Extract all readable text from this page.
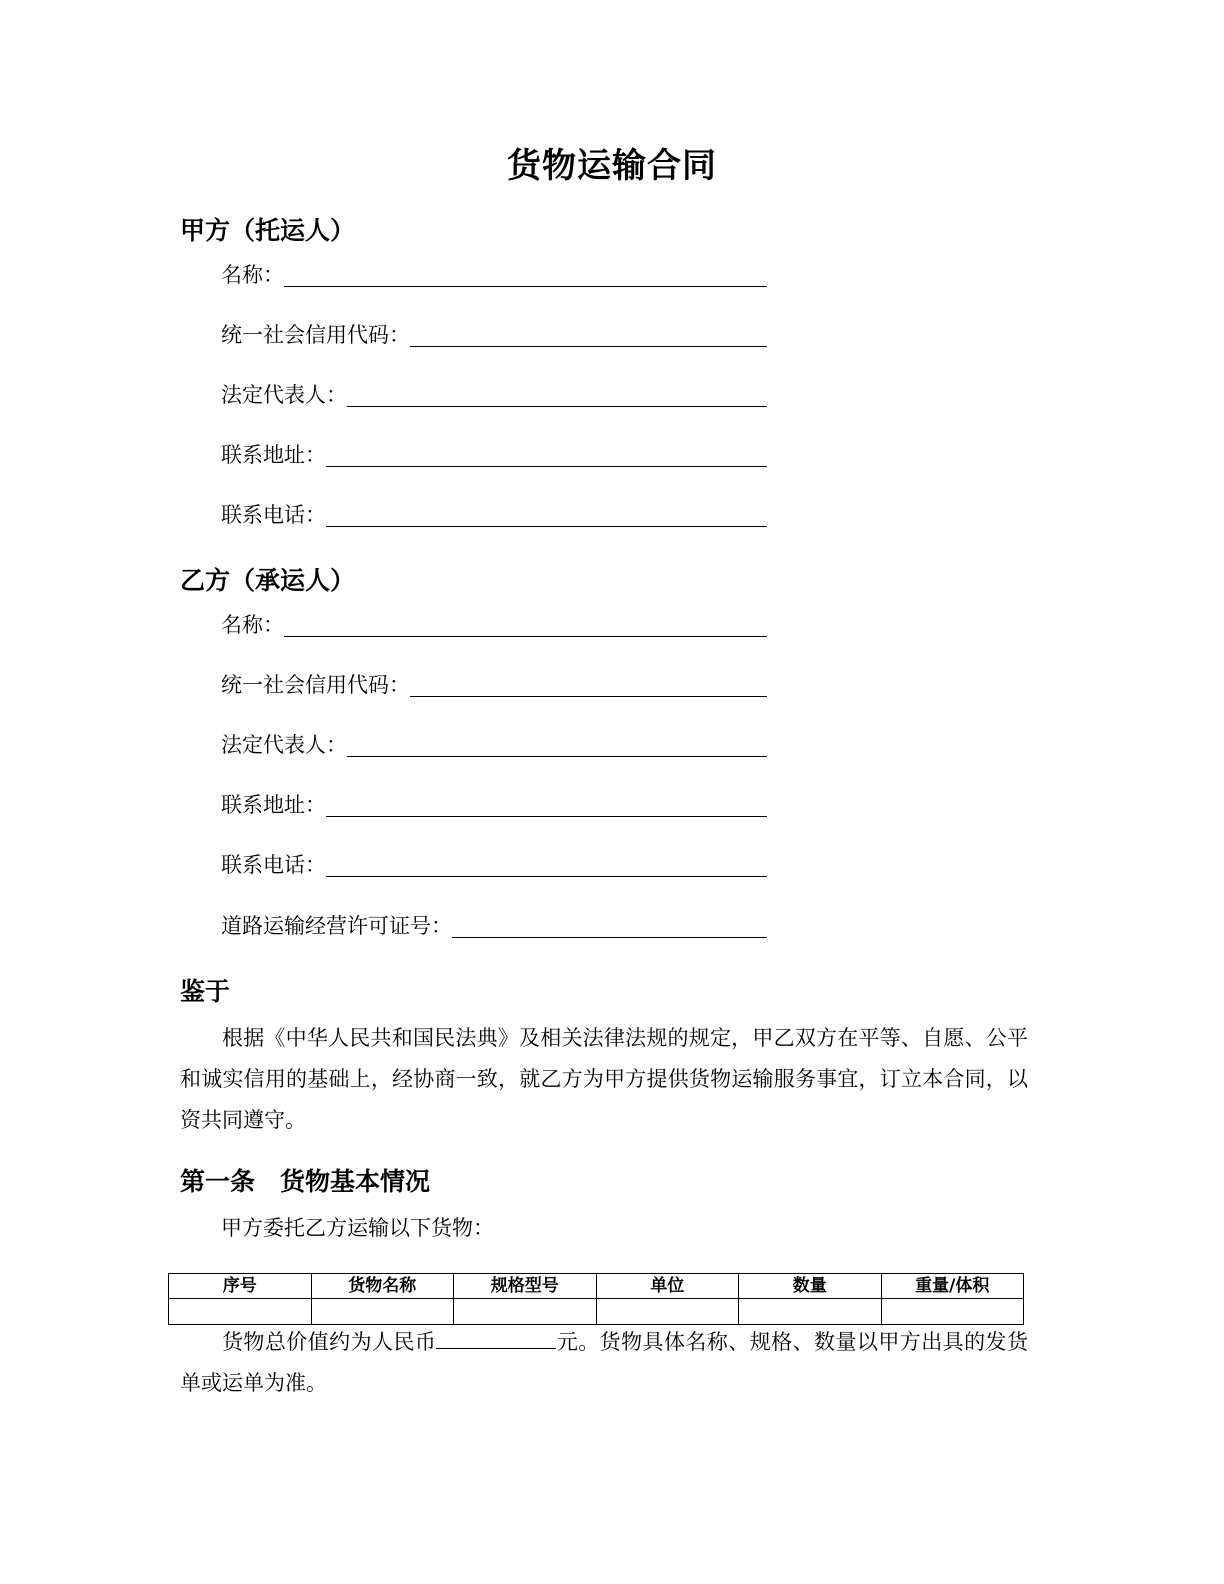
货物运输合同
甲方（托运人）
名称：
统一社会信用代码：
法定代表人：
联系地址：
联系电话：
乙方（承运人）
名称：
统一社会信用代码：
法定代表人：
联系地址：
联系电话：
道路运输经营许可证号：
鉴于
根据《中华人民共和国民法典》及相关法律法规的规定，甲乙双方在平等、自愿、公平和诚实信用的基础上，经协商一致，就乙方为甲方提供货物运输服务事宜，订立本合同，以资共同遵守。
第一条　货物基本情况
甲方委托乙方运输以下货物：
序号	货物名称	规格型号	单位	数量	重量/体积

货物总价值约为人民币	元。货物具体名称、规格、数量以甲方出具的发货单或运单为准。
